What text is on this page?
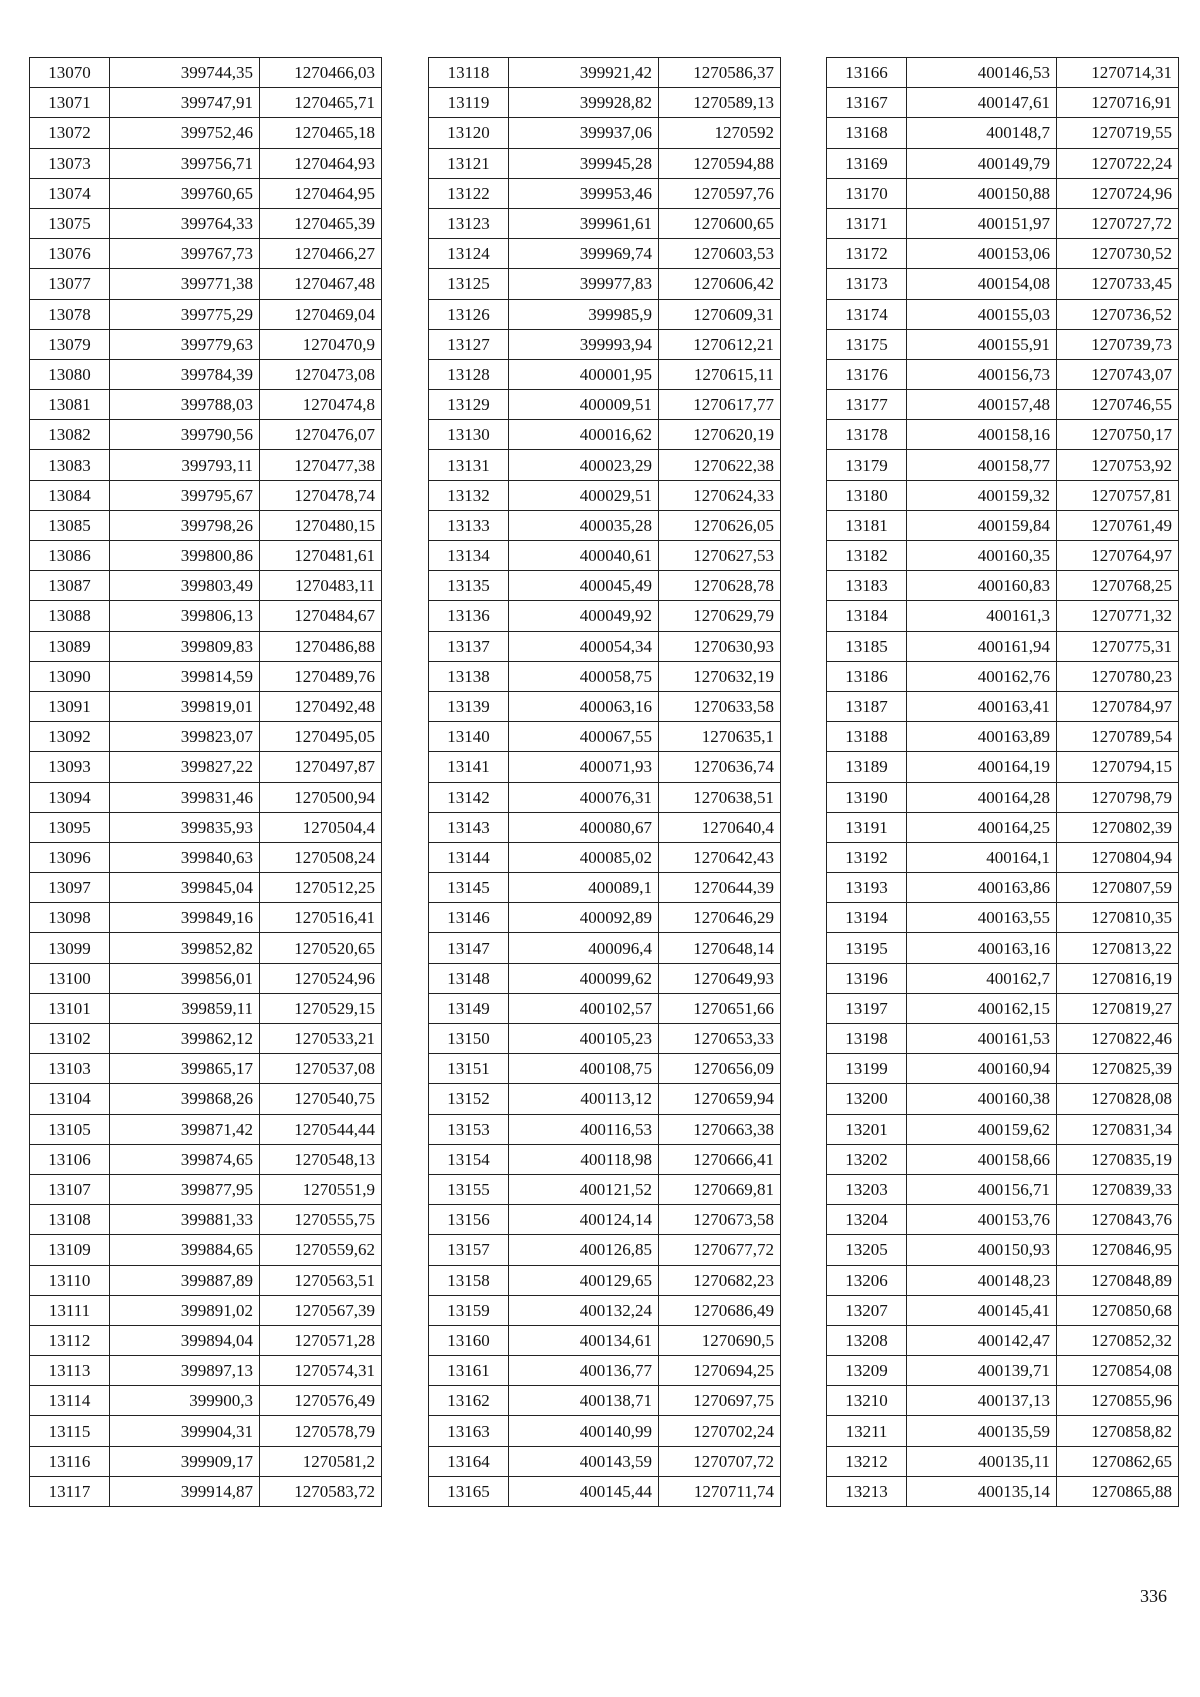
13070	399744,35	1270466,03
13071	399747,91	1270465,71
13072	399752,46	1270465,18
13073	399756,71	1270464,93
13074	399760,65	1270464,95
13075	399764,33	1270465,39
13076	399767,73	1270466,27
13077	399771,38	1270467,48
13078	399775,29	1270469,04
13079	399779,63	1270470,9
13080	399784,39	1270473,08
13081	399788,03	1270474,8
13082	399790,56	1270476,07
13083	399793,11	1270477,38
13084	399795,67	1270478,74
13085	399798,26	1270480,15
13086	399800,86	1270481,61
13087	399803,49	1270483,11
13088	399806,13	1270484,67
13089	399809,83	1270486,88
13090	399814,59	1270489,76
13091	399819,01	1270492,48
13092	399823,07	1270495,05
13093	399827,22	1270497,87
13094	399831,46	1270500,94
13095	399835,93	1270504,4
13096	399840,63	1270508,24
13097	399845,04	1270512,25
13098	399849,16	1270516,41
13099	399852,82	1270520,65
13100	399856,01	1270524,96
13101	399859,11	1270529,15
13102	399862,12	1270533,21
13103	399865,17	1270537,08
13104	399868,26	1270540,75
13105	399871,42	1270544,44
13106	399874,65	1270548,13
13107	399877,95	1270551,9
13108	399881,33	1270555,75
13109	399884,65	1270559,62
13110	399887,89	1270563,51
13111	399891,02	1270567,39
13112	399894,04	1270571,28
13113	399897,13	1270574,31
13114	399900,3	1270576,49
13115	399904,31	1270578,79
13116	399909,17	1270581,2
13117	399914,87	1270583,72
13118	399921,42	1270586,37
13119	399928,82	1270589,13
13120	399937,06	1270592
13121	399945,28	1270594,88
13122	399953,46	1270597,76
13123	399961,61	1270600,65
13124	399969,74	1270603,53
13125	399977,83	1270606,42
13126	399985,9	1270609,31
13127	399993,94	1270612,21
13128	400001,95	1270615,11
13129	400009,51	1270617,77
13130	400016,62	1270620,19
13131	400023,29	1270622,38
13132	400029,51	1270624,33
13133	400035,28	1270626,05
13134	400040,61	1270627,53
13135	400045,49	1270628,78
13136	400049,92	1270629,79
13137	400054,34	1270630,93
13138	400058,75	1270632,19
13139	400063,16	1270633,58
13140	400067,55	1270635,1
13141	400071,93	1270636,74
13142	400076,31	1270638,51
13143	400080,67	1270640,4
13144	400085,02	1270642,43
13145	400089,1	1270644,39
13146	400092,89	1270646,29
13147	400096,4	1270648,14
13148	400099,62	1270649,93
13149	400102,57	1270651,66
13150	400105,23	1270653,33
13151	400108,75	1270656,09
13152	400113,12	1270659,94
13153	400116,53	1270663,38
13154	400118,98	1270666,41
13155	400121,52	1270669,81
13156	400124,14	1270673,58
13157	400126,85	1270677,72
13158	400129,65	1270682,23
13159	400132,24	1270686,49
13160	400134,61	1270690,5
13161	400136,77	1270694,25
13162	400138,71	1270697,75
13163	400140,99	1270702,24
13164	400143,59	1270707,72
13165	400145,44	1270711,74
13166	400146,53	1270714,31
13167	400147,61	1270716,91
13168	400148,7	1270719,55
13169	400149,79	1270722,24
13170	400150,88	1270724,96
13171	400151,97	1270727,72
13172	400153,06	1270730,52
13173	400154,08	1270733,45
13174	400155,03	1270736,52
13175	400155,91	1270739,73
13176	400156,73	1270743,07
13177	400157,48	1270746,55
13178	400158,16	1270750,17
13179	400158,77	1270753,92
13180	400159,32	1270757,81
13181	400159,84	1270761,49
13182	400160,35	1270764,97
13183	400160,83	1270768,25
13184	400161,3	1270771,32
13185	400161,94	1270775,31
13186	400162,76	1270780,23
13187	400163,41	1270784,97
13188	400163,89	1270789,54
13189	400164,19	1270794,15
13190	400164,28	1270798,79
13191	400164,25	1270802,39
13192	400164,1	1270804,94
13193	400163,86	1270807,59
13194	400163,55	1270810,35
13195	400163,16	1270813,22
13196	400162,7	1270816,19
13197	400162,15	1270819,27
13198	400161,53	1270822,46
13199	400160,94	1270825,39
13200	400160,38	1270828,08
13201	400159,62	1270831,34
13202	400158,66	1270835,19
13203	400156,71	1270839,33
13204	400153,76	1270843,76
13205	400150,93	1270846,95
13206	400148,23	1270848,89
13207	400145,41	1270850,68
13208	400142,47	1270852,32
13209	400139,71	1270854,08
13210	400137,13	1270855,96
13211	400135,59	1270858,82
13212	400135,11	1270862,65
13213	400135,14	1270865,88
336
